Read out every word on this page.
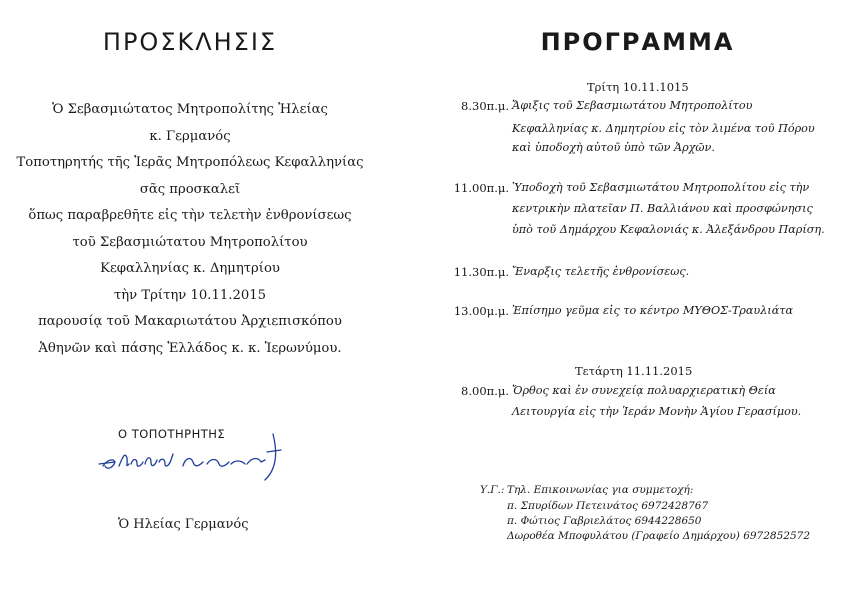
ΠΡΟΣΚΛΗΣΙΣ
Ὁ Σεβασμιώτατος Μητροπολίτης Ἠλείας
κ. Γερμανός
Τοποτηρητής τῆς Ἱερᾶς Μητροπόλεως Κεφαλληνίας
σᾶς προσκαλεῖ
ὅπως παραβρεθῆτε εἰς τὴν τελετὴν ἐνθρονίσεως
τοῦ Σεβασμιώτατου Μητροπολίτου
Κεφαλληνίας κ. Δημητρίου
τὴν Τρίτην 10.11.2015
παρουσίᾳ τοῦ Μακαριωτάτου Ἀρχιεπισκόπου
Ἀθηνῶν καὶ πάσης Ἑλλάδος κ. κ. Ἱερωνύμου.
Ο ΤΟΠΟΤΗΡΗΤΗΣ
Ὁ Ηλείας Γερμανός
ΠΡΟΓΡΑΜΜΑ
Τρίτη 10.11.1015
8.30π.μ. Ἄφιξις τοῦ Σεβασμιωτάτου Μητροπολίτου
Κεφαλληνίας κ. Δημητρίου εἰς τὸν λιμένα τοῦ Πόρου
καὶ ὑποδοχὴ αὐτοῦ ὑπὸ τῶν Ἀρχῶν.
11.00π.μ. Ὑποδοχὴ τοῦ Σεβασμιωτάτου Μητροπολίτου εἰς τὴν
κεντρικὴν πλατεῖαν Π. Βαλλιάνου καὶ προσφώνησις
ὑπὸ τοῦ Δημάρχου Κεφαλονιάς κ. Ἀλεξάνδρου Παρίση.
11.30π.μ. Ἔναρξις τελετῆς ἐνθρονίσεως.
13.00μ.μ. Ἐπίσημο γεῦμα εἰς το κέντρο ΜΥΘΟΣ-Τραυλιάτα
Τετάρτη 11.11.2015
8.00π.μ. Ὄρθος καὶ ἐν συνεχείᾳ πολυαρχιερατικὴ Θεία
Λειτουργία εἰς τὴν Ἱεράν Μονὴν Ἁγίου Γερασίμου.
Υ.Γ.: Τηλ. Επικοινωνίας για συμμετοχή:
π. Σπυρίδων Πετεινάτος 6972428767
π. Φώτιος Γαβριελάτος 6944228650
Δωροθέα Μποφυλάτου (Γραφείο Δημάρχου) 6972852572
